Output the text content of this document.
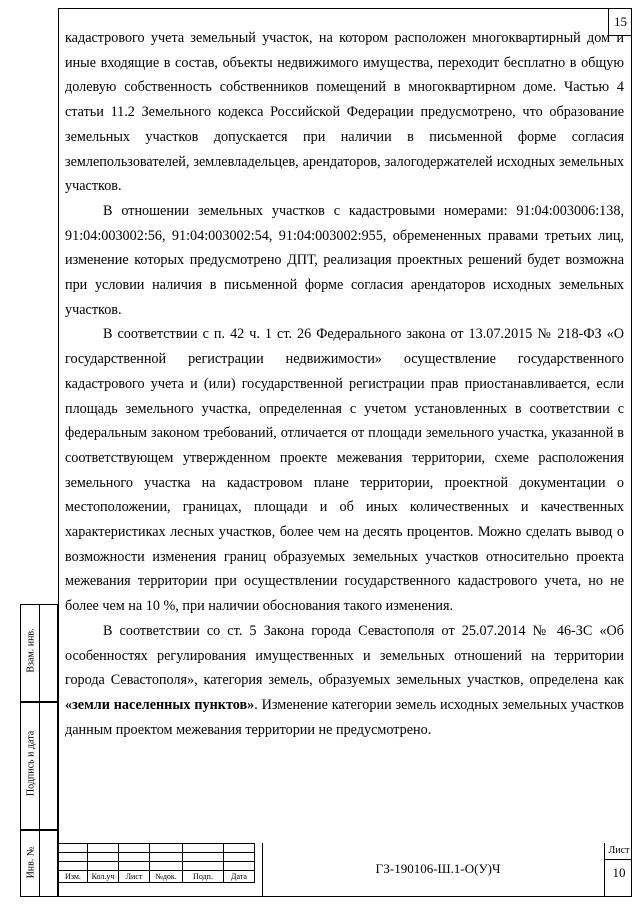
15

кадастрового учета земельный участок, на котором расположен многоквартирный дом и иные входящие в состав, объекты недвижимого имущества, переходит бесплатно в общую долевую собственность собственников помещений в многоквартирном доме. Частью 4 статьи 11.2 Земельного кодекса Российской Федерации предусмотрено, что образование земельных участков допускается при наличии в письменной форме согласия землепользователей, землевладельцев, арендаторов, залогодержателей исходных земельных участков.

В отношении земельных участков с кадастровыми номерами: 91:04:003006:138, 91:04:003002:56, 91:04:003002:54, 91:04:003002:955, обремененных правами третьих лиц, изменение которых предусмотрено ДПТ, реализация проектных решений будет возможна при условии наличия в письменной форме согласия арендаторов исходных земельных участков.

В соответствии с п. 42 ч. 1 ст. 26 Федерального закона от 13.07.2015 № 218-ФЗ «О государственной регистрации недвижимости» осуществление государственного кадастрового учета и (или) государственной регистрации прав приостанавливается, если площадь земельного участка, определенная с учетом установленных в соответствии с федеральным законом требований, отличается от площади земельного участка, указанной в соответствующем утвержденном проекте межевания территории, схеме расположения земельного участка на кадастровом плане территории, проектной документации о местоположении, границах, площади и об иных количественных и качественных характеристиках лесных участков, более чем на десять процентов. Можно сделать вывод о возможности изменения границ образуемых земельных участков относительно проекта межевания территории при осуществлении государственного кадастрового учета, но не более чем на 10 %, при наличии обоснования такого изменения.

В соответствии со ст. 5 Закона города Севастополя от 25.07.2014 № 46-ЗС «Об особенностях регулирования имущественных и земельных отношений на территории города Севастополя», категория земель, образуемых земельных участков, определена как «земли населенных пунктов». Изменение категории земель исходных земельных участков данным проектом межевания территории не предусмотрено.

Взам. инв.
Подпись и дата
Инв. №

						Изм.	Кол.уч	Лист	№док.	Подп.	Дата
ГЗ-190106-Ш.1-О(У)Ч
Лист
10
